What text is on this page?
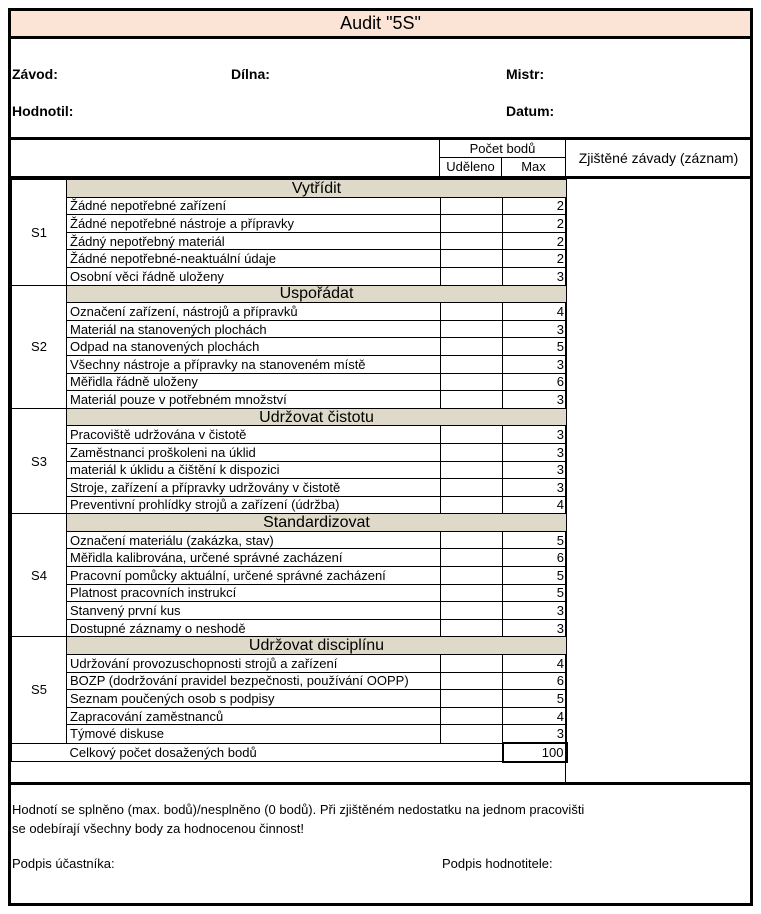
Audit "5S"
Závod:	Dílna:	Mistr:
Hodnotil:	Datum:
Počet bodů
Uděleno	Max
Zjištěné závady (záznam)
S1	Vytřídit		
	Žádné nepotřebné zařízení		2
	Žádné nepotřebné nástroje a přípravky		2
	Žádný nepotřebný materiál		2
	Žádné nepotřebné-neaktuální údaje		2
	Osobní věci řádně uloženy		3
S2	Uspořádat		
	Označení zařízení, nástrojů a přípravků		4
	Materiál na stanovených plochách		3
	Odpad na stanovených plochách		5
	Všechny nástroje a přípravky na stanoveném místě		3
	Měřidla řádně uloženy		6
	Materiál pouze v potřebném množství		3
S3	Udržovat čistotu		
	Pracoviště udržována v čistotě		3
	Zaměstnanci proškoleni na úklid		3
	materiál k úklidu a čištění k dispozici		3
	Stroje, zařízení a přípravky udržovány v čistotě		3
	Preventivní prohlídky strojů a zařízení (údržba)		4
S4	Standardizovat		
	Označení materiálu (zakázka, stav)		5
	Měřidla kalibrována, určené správné zacházení		6
	Pracovní pomůcky aktuální, určené správné zacházení		5
	Platnost pracovních instrukcí		5
	Stanvený první kus		3
	Dostupné záznamy o neshodě		3
S5	Udržovat disciplínu		
	Udržování provozuschopnosti strojů a zařízení		4
	BOZP (dodržování pravidel bezpečnosti, používání OOPP)		6
	Seznam poučených osob s podpisy		5
	Zapracování zaměstnanců		4
	Týmové diskuse		3
	Celkový počet dosažených bodů		100
Hodnotí se splněno (max. bodů)/nesplněno (0 bodů). Při zjištěném nedostatku na jednom pracovišti
se odebírají všechny body za hodnocenou činnost!
Podpis účastníka:	Podpis hodnotitele:
